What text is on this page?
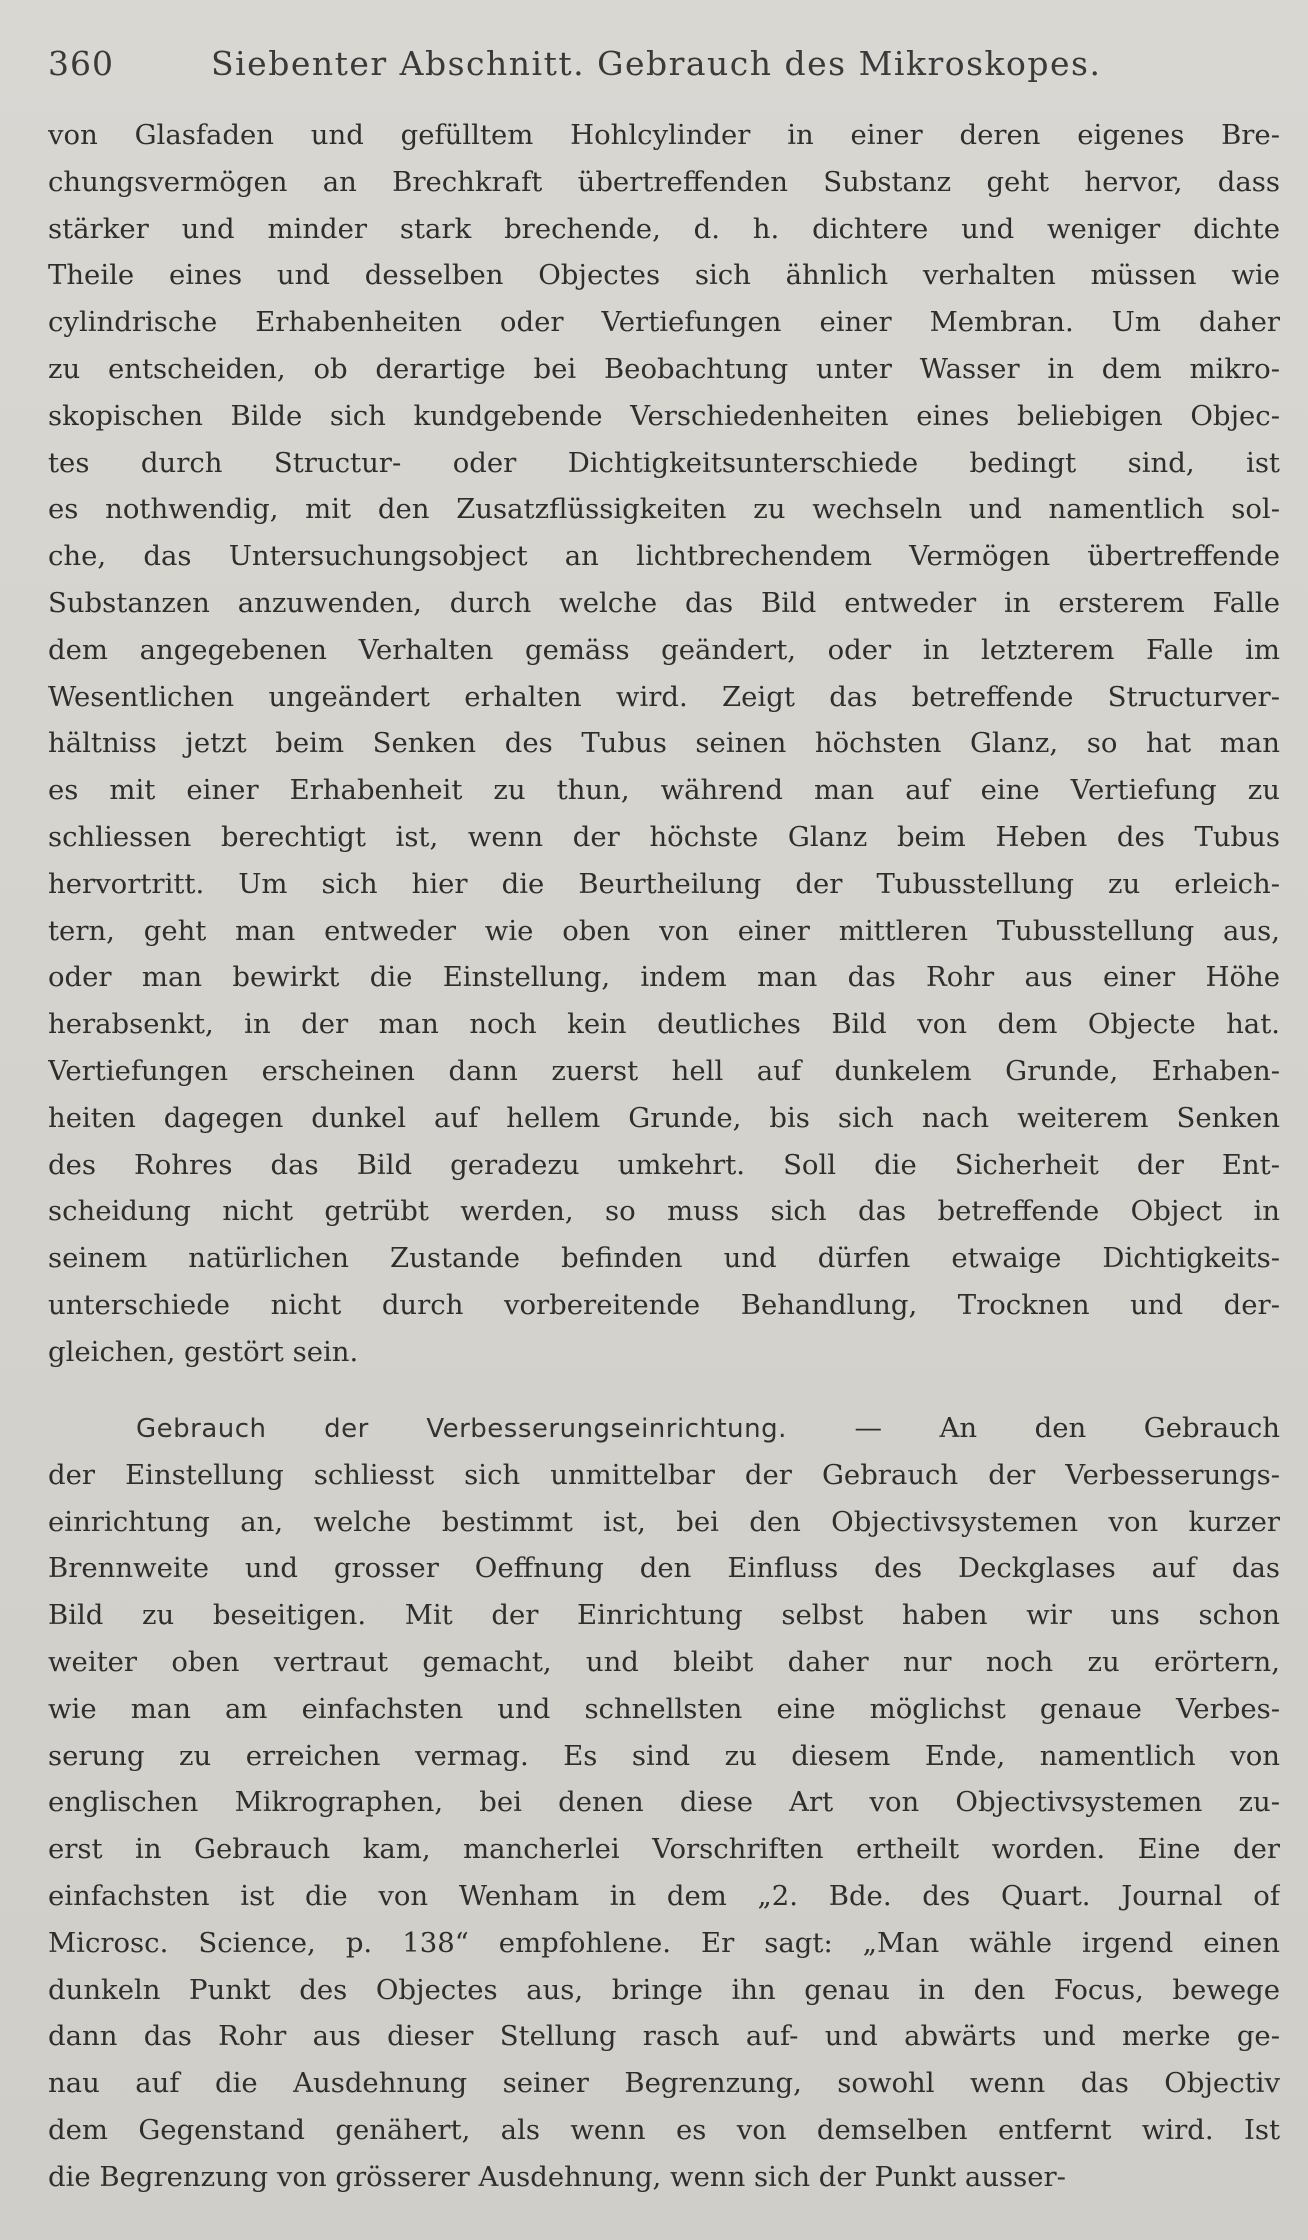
360	Siebenter Abschnitt. Gebrauch des Mikroskopes.
von Glasfaden und gefülltem Hohlcylinder in einer deren eigenes Bre-
chungsvermögen an Brechkraft übertreffenden Substanz geht hervor, dass
stärker und minder stark brechende, d. h. dichtere und weniger dichte
Theile eines und desselben Objectes sich ähnlich verhalten müssen wie
cylindrische Erhabenheiten oder Vertiefungen einer Membran. Um daher
zu entscheiden, ob derartige bei Beobachtung unter Wasser in dem mikro-
skopischen Bilde sich kundgebende Verschiedenheiten eines beliebigen Objec-
tes durch Structur- oder Dichtigkeitsunterschiede bedingt sind, ist
es nothwendig, mit den Zusatzflüssigkeiten zu wechseln und namentlich sol-
che, das Untersuchungsobject an lichtbrechendem Vermögen übertreffende
Substanzen anzuwenden, durch welche das Bild entweder in ersterem Falle
dem angegebenen Verhalten gemäss geändert, oder in letzterem Falle im
Wesentlichen ungeändert erhalten wird. Zeigt das betreffende Structurver-
hältniss jetzt beim Senken des Tubus seinen höchsten Glanz, so hat man
es mit einer Erhabenheit zu thun, während man auf eine Vertiefung zu
schliessen berechtigt ist, wenn der höchste Glanz beim Heben des Tubus
hervortritt. Um sich hier die Beurtheilung der Tubusstellung zu erleich-
tern, geht man entweder wie oben von einer mittleren Tubusstellung aus,
oder man bewirkt die Einstellung, indem man das Rohr aus einer Höhe
herabsenkt, in der man noch kein deutliches Bild von dem Objecte hat.
Vertiefungen erscheinen dann zuerst hell auf dunkelem Grunde, Erhaben-
heiten dagegen dunkel auf hellem Grunde, bis sich nach weiterem Senken
des Rohres das Bild geradezu umkehrt. Soll die Sicherheit der Ent-
scheidung nicht getrübt werden, so muss sich das betreffende Object in
seinem natürlichen Zustande befinden und dürfen etwaige Dichtigkeits-
unterschiede nicht durch vorbereitende Behandlung, Trocknen und der-
gleichen, gestört sein.
Gebrauch der Verbesserungseinrichtung. — An den Gebrauch
der Einstellung schliesst sich unmittelbar der Gebrauch der Verbesserungs-
einrichtung an, welche bestimmt ist, bei den Objectivsystemen von kurzer
Brennweite und grosser Oeffnung den Einfluss des Deckglases auf das
Bild zu beseitigen. Mit der Einrichtung selbst haben wir uns schon
weiter oben vertraut gemacht, und bleibt daher nur noch zu erörtern,
wie man am einfachsten und schnellsten eine möglichst genaue Verbes-
serung zu erreichen vermag. Es sind zu diesem Ende, namentlich von
englischen Mikrographen, bei denen diese Art von Objectivsystemen zu-
erst in Gebrauch kam, mancherlei Vorschriften ertheilt worden. Eine der
einfachsten ist die von Wenham in dem „2. Bde. des Quart. Journal of
Microsc. Science, p. 138“ empfohlene. Er sagt: „Man wähle irgend einen
dunkeln Punkt des Objectes aus, bringe ihn genau in den Focus, bewege
dann das Rohr aus dieser Stellung rasch auf- und abwärts und merke ge-
nau auf die Ausdehnung seiner Begrenzung, sowohl wenn das Objectiv
dem Gegenstand genähert, als wenn es von demselben entfernt wird. Ist
die Begrenzung von grösserer Ausdehnung, wenn sich der Punkt ausser-
